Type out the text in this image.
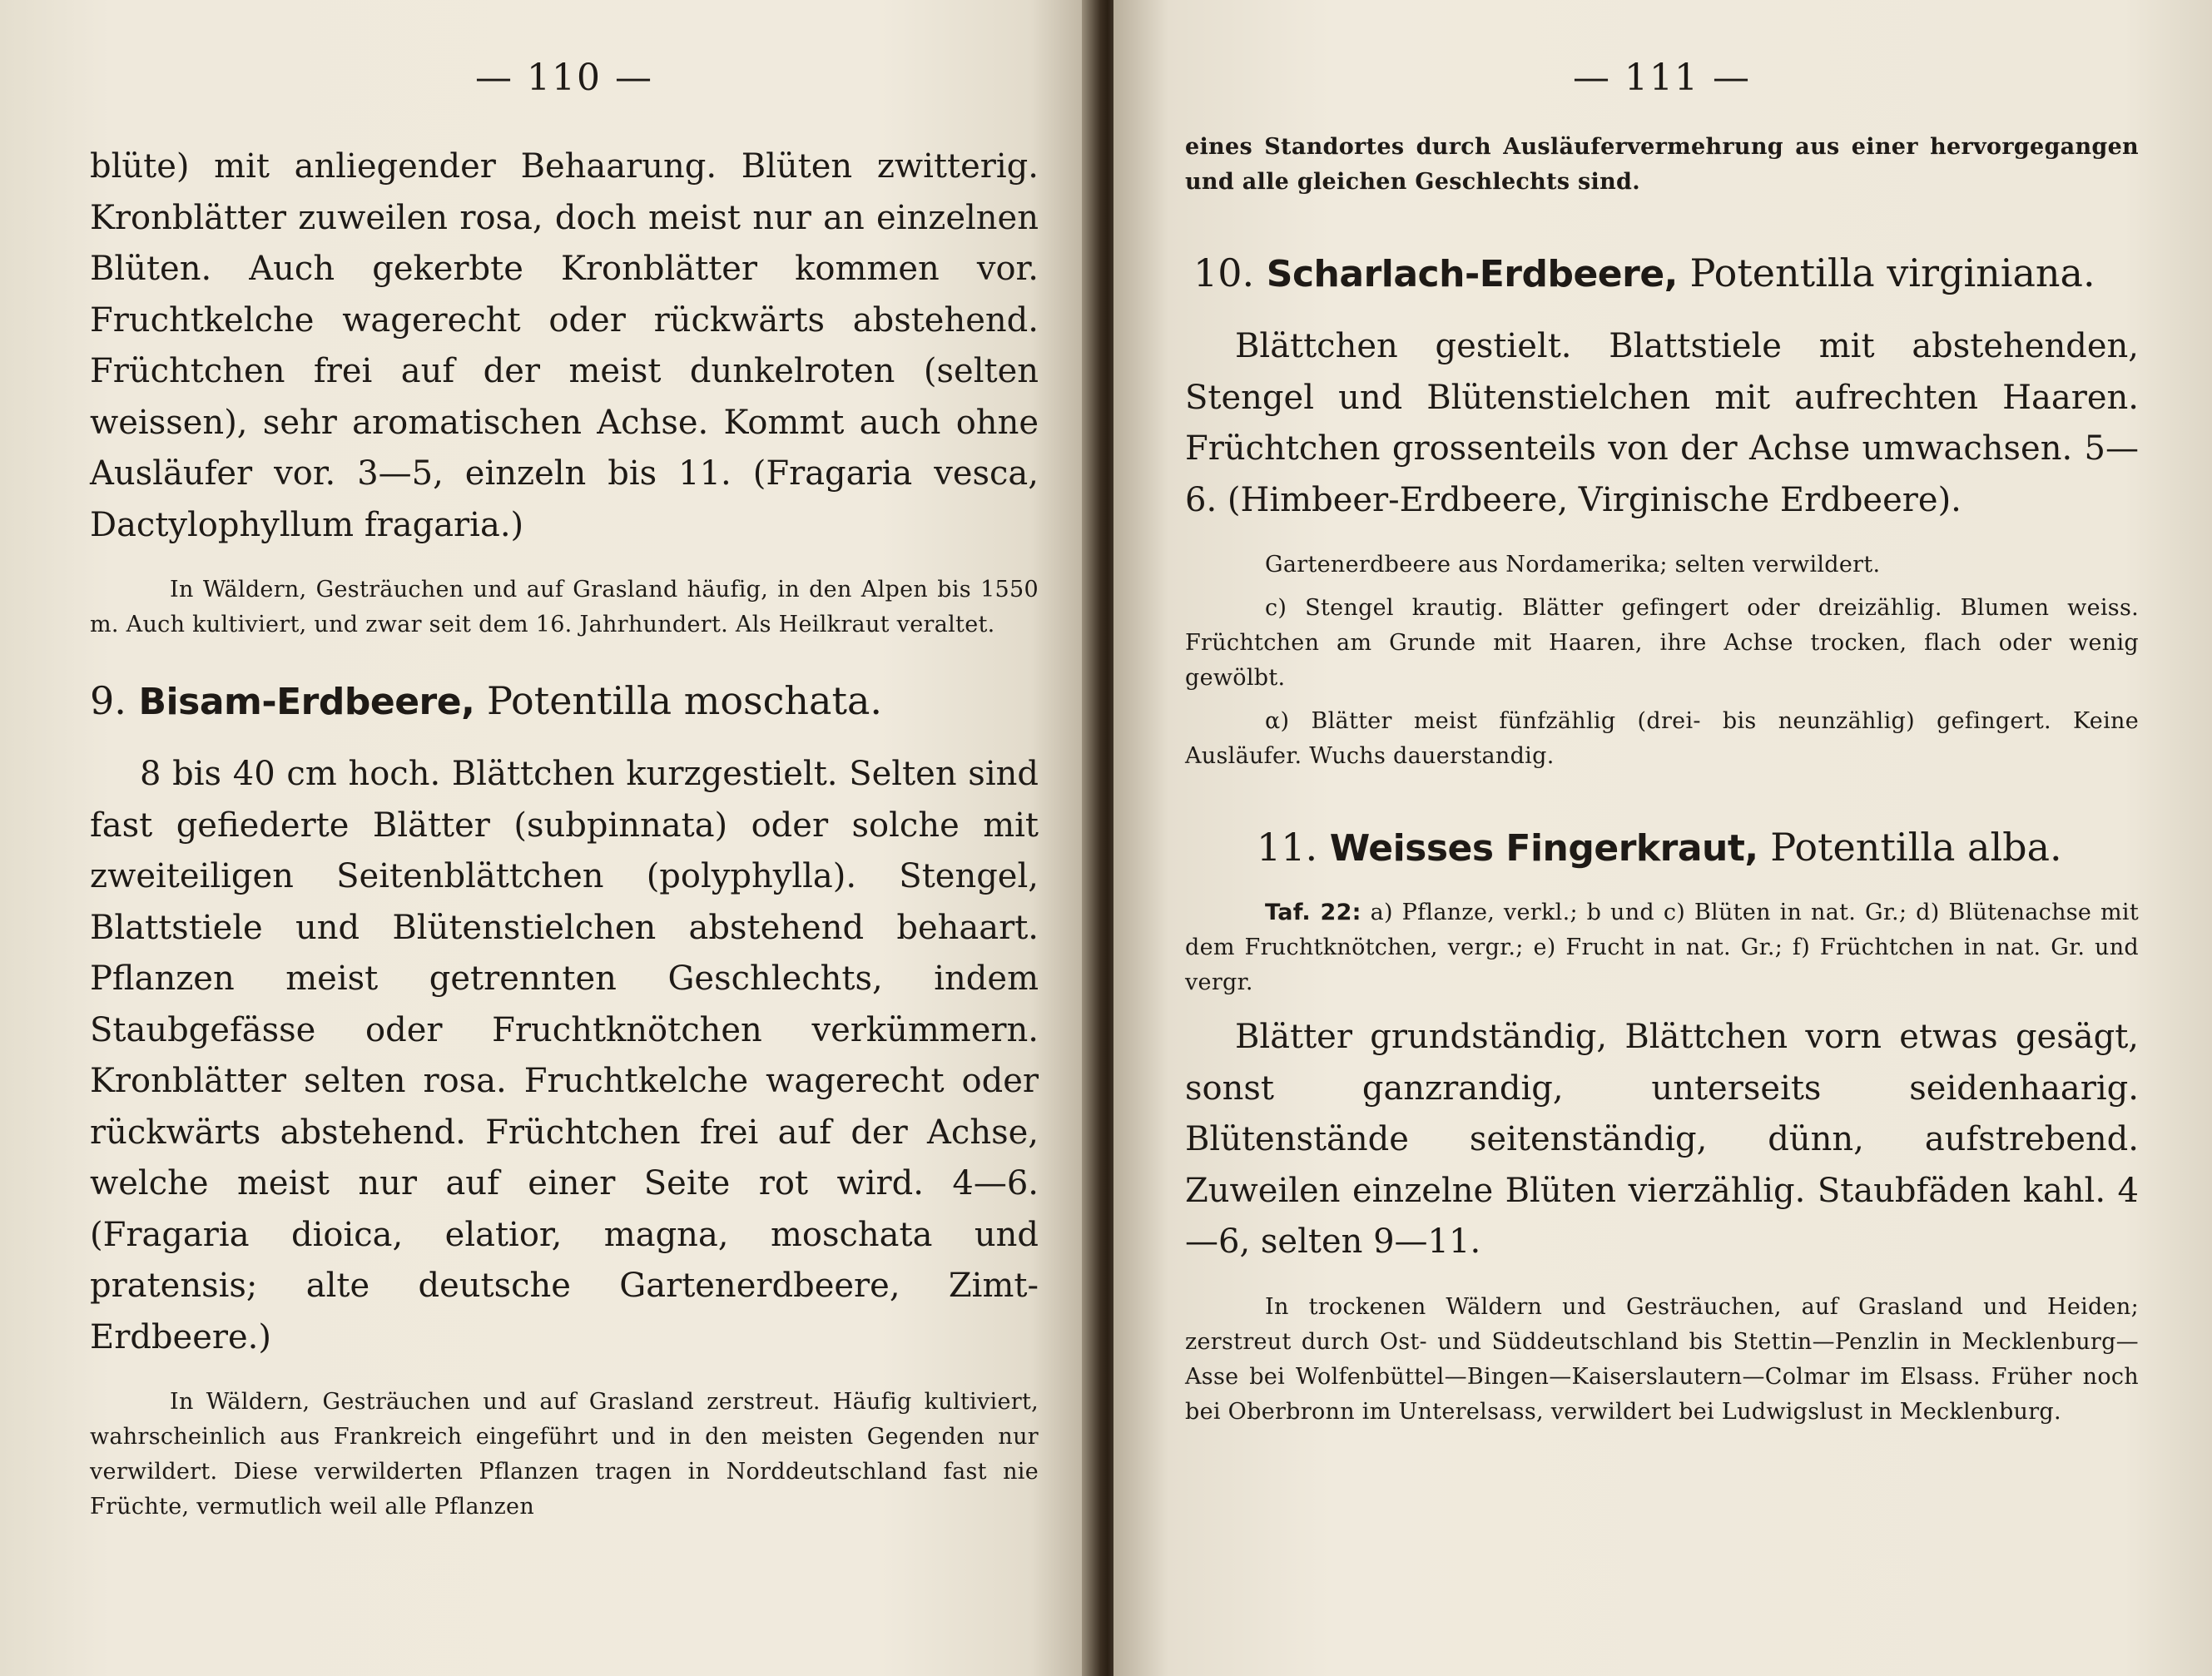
— 110 —

blüte) mit anliegender Behaarung. Blüten zwitterig. Kronblätter zuweilen rosa, doch meist nur an einzelnen Blüten. Auch gekerbte Kronblätter kommen vor. Fruchtkelche wagerecht oder rückwärts abstehend. Früchtchen frei auf der meist dunkelroten (selten weissen), sehr aromatischen Achse. Kommt auch ohne Ausläufer vor. 3—5, einzeln bis 11. (Fragaria vesca, Dactylophyllum fragaria.)

In Wäldern, Gesträuchen und auf Grasland häufig, in den Alpen bis 1550 m. Auch kultiviert, und zwar seit dem 16. Jahrhundert. Als Heilkraut veraltet.

9. Bisam-Erdbeere, Potentilla moschata.

8 bis 40 cm hoch. Blättchen kurzgestielt. Selten sind fast gefiederte Blätter (subpinnata) oder solche mit zweiteiligen Seitenblättchen (polyphylla). Stengel, Blattstiele und Blütenstielchen abstehend behaart. Pflanzen meist getrennten Geschlechts, indem Staubgefässe oder Fruchtknötchen verkümmern. Kronblätter selten rosa. Fruchtkelche wagerecht oder rückwärts abstehend. Früchtchen frei auf der Achse, welche meist nur auf einer Seite rot wird. 4—6. (Fragaria dioica, elatior, magna, moschata und pratensis; alte deutsche Gartenerdbeere, Zimt-Erdbeere.)

In Wäldern, Gesträuchen und auf Grasland zerstreut. Häufig kultiviert, wahrscheinlich aus Frankreich eingeführt und in den meisten Gegenden nur verwildert. Diese verwilderten Pflanzen tragen in Norddeutschland fast nie Früchte, vermutlich weil alle Pflanzen

— 111 —

eines Standortes durch Ausläufervermehrung aus einer hervorgegangen und alle gleichen Geschlechts sind.

10. Scharlach-Erdbeere, Potentilla virginiana.

Blättchen gestielt. Blattstiele mit abstehenden, Stengel und Blütenstielchen mit aufrechten Haaren. Früchtchen grossenteils von der Achse umwachsen. 5—6. (Himbeer-Erdbeere, Virginische Erdbeere).

Gartenerdbeere aus Nordamerika; selten verwildert.

c) Stengel krautig. Blätter gefingert oder dreizählig. Blumen weiss. Früchtchen am Grunde mit Haaren, ihre Achse trocken, flach oder wenig gewölbt.

α) Blätter meist fünfzählig (drei- bis neunzählig) gefingert. Keine Ausläufer. Wuchs dauerstandig.

11. Weisses Fingerkraut, Potentilla alba.

Taf. 22: a) Pflanze, verkl.; b und c) Blüten in nat. Gr.; d) Blütenachse mit dem Fruchtknötchen, vergr.; e) Frucht in nat. Gr.; f) Früchtchen in nat. Gr. und vergr.

Blätter grundständig, Blättchen vorn etwas gesägt, sonst ganzrandig, unterseits seidenhaarig. Blütenstände seitenständig, dünn, aufstrebend. Zuweilen einzelne Blüten vierzählig. Staubfäden kahl. 4—6, selten 9—11.

In trockenen Wäldern und Gesträuchen, auf Grasland und Heiden; zerstreut durch Ost- und Süddeutschland bis Stettin—Penzlin in Mecklenburg—Asse bei Wolfenbüttel—Bingen—Kaiserslautern—Colmar im Elsass. Früher noch bei Oberbronn im Unterelsass, verwildert bei Ludwigslust in Mecklenburg.
